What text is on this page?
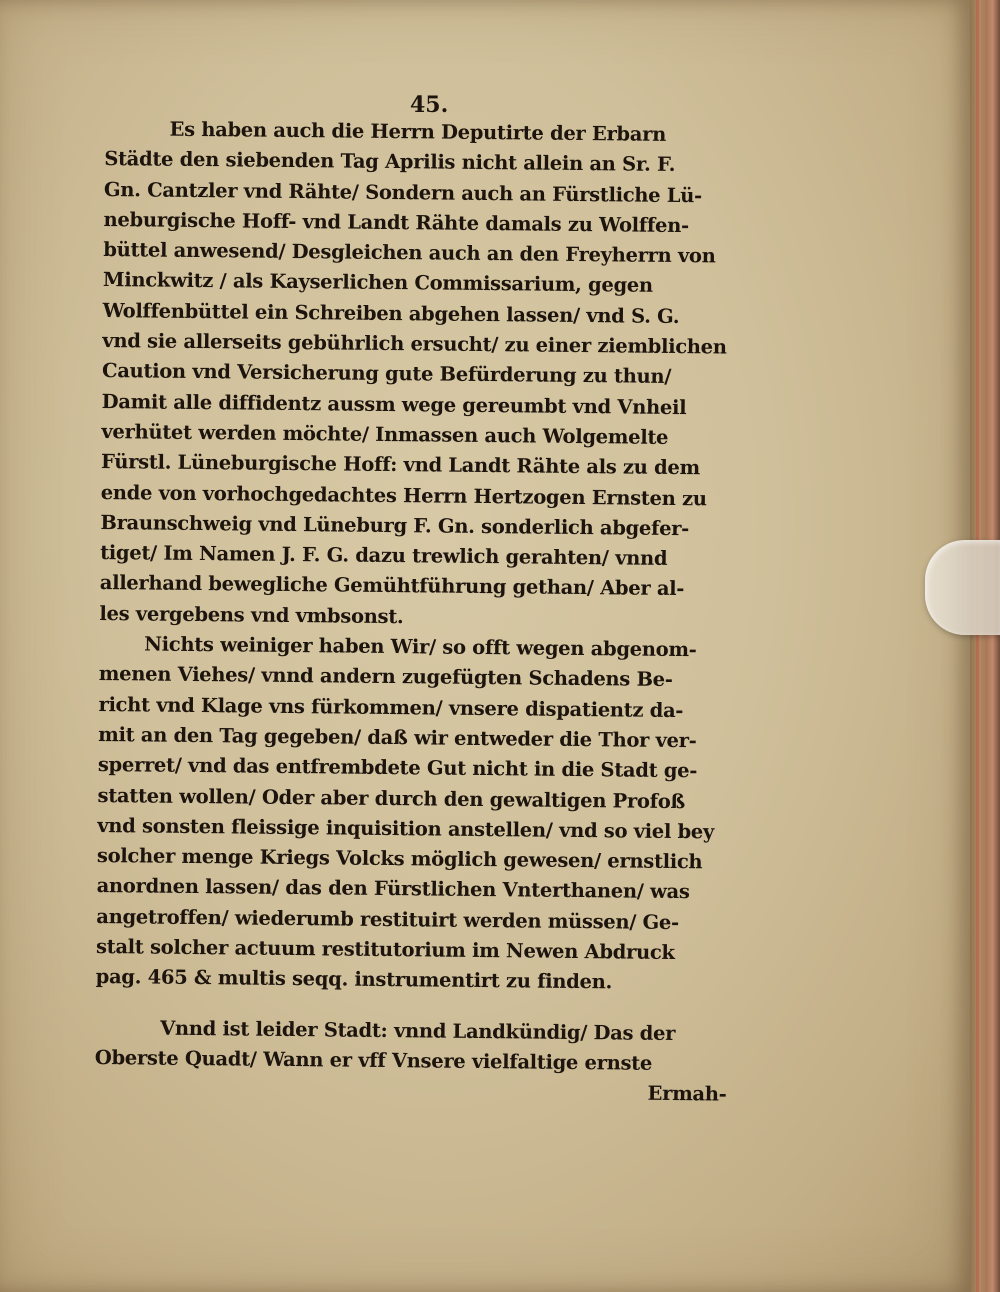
45.
Es haben auch die Herrn Deputirte der Erbarn
Städte den siebenden Tag Aprilis nicht allein an Sr. F.
Gn. Cantzler vnd Rähte/ Sondern auch an Fürstliche Lü-
neburgische Hoff- vnd Landt Rähte damals zu Wolffen-
büttel anwesend/ Desgleichen auch an den Freyherrn von
Minckwitz / als Kayserlichen Commissarium, gegen
Wolffenbüttel ein Schreiben abgehen lassen/ vnd S. G.
vnd sie allerseits gebührlich ersucht/ zu einer ziemblichen
Caution vnd Versicherung gute Befürderung zu thun/
Damit alle diffidentz aussm wege gereumbt vnd Vnheil
verhütet werden möchte/ Inmassen auch Wolgemelte
Fürstl. Lüneburgische Hoff: vnd Landt Rähte als zu dem
ende von vorhochgedachtes Herrn Hertzogen Ernsten zu
Braunschweig vnd Lüneburg F. Gn. sonderlich abgefer-
tiget/ Im Namen J. F. G. dazu trewlich gerahten/ vnnd
allerhand bewegliche Gemühtführung gethan/ Aber al-
les vergebens vnd vmbsonst.
Nichts weiniger haben Wir/ so offt wegen abgenom-
menen Viehes/ vnnd andern zugefügten Schadens Be-
richt vnd Klage vns fürkommen/ vnsere dispatientz da-
mit an den Tag gegeben/ daß wir entweder die Thor ver-
sperret/ vnd das entfrembdete Gut nicht in die Stadt ge-
statten wollen/ Oder aber durch den gewaltigen Profoß
vnd sonsten fleissige inquisition anstellen/ vnd so viel bey
solcher menge Kriegs Volcks möglich gewesen/ ernstlich
anordnen lassen/ das den Fürstlichen Vnterthanen/ was
angetroffen/ wiederumb restituirt werden müssen/ Ge-
stalt solcher actuum restitutorium im Newen Abdruck
pag. 465 & multis seqq. instrumentirt zu finden.
Vnnd ist leider Stadt: vnnd Landkündig/ Das der
Oberste Quadt/ Wann er vff Vnsere vielfaltige ernste
Ermah-
